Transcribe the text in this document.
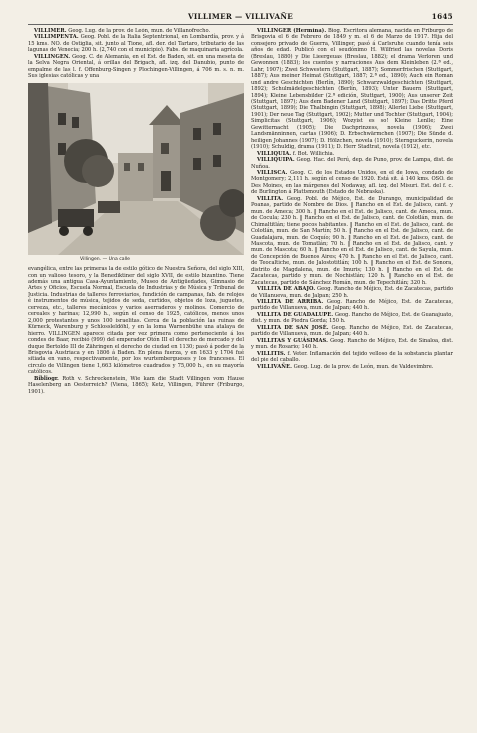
VILLIMER — VILLIVAÑE	1645

VILLIMER. Geog. Lug. de la prov. de León, mun. de Villanofrecho.

VILLIMPENTA. Geog. Pobl. de la Italia Septentrional, en Lombardía, prov. y á 15 kms. NO. de Ostiglia, sit. junto al Tione, afl. der. del Tartaro, tributario de las lagunas de Venecia; 200 h. (2,740 con el municipio). Fabs. de maquinaria agrícola.

VILLINGEN. Geog. C. de Alemania, en el Est. de Baden, sit. en una meseta de la Selva Negra Oriental, á orillas del Brigach, afl. izq. del Danubio, punto de empalme de las l. f. Offenburg-Singen y Plochingen-Villingen, á 706 m. s. n. m. Sus iglesias católicas y una

Villingen. — Una calle

evangélica, entre las primeras la de estilo gótico de Nuestra Señora, del siglo XIII, con un valioso tesoro, y la Benediktiner del siglo XVII, de estilo bizantino. Tiene además una antigua Casa-Ayuntamiento, Museo de Antigüedades, Gimnasio de Artes y Oficios, Escuela Normal, Escuela de Industrias y de Música y Tribunal de Justicia. Industrias de talleres ferroviarios, fundición de campanas, fab. de relojes é instrumentos de música, tejidos de seda, curtidos, objetos de loza, juguetes, cerveza, etc., talleres mecánicos y varios aserraderos y molinos. Comercio de cereales y harinas; 12,990 h., según el censo de 1925, católicos, menos unos 2,000 protestantes y unos 100 israelitas. Cerca de la población las ruinas de Kürneck, Warenburg y Schlossleldöhl, y en la loma Warnenbühe una atalaya de hierro. VILLINGEN aparece citada por vez primera como perteneciente á los condes de Baar, recibió (999) del emperador Otón III el derecho de mercado y del duque Bertoldo III de Zähringen el derecho de ciudad en 1130; pasó á poder de la Brisgovia Austriaca y en 1806 á Baden. En plena fuerza, y en 1633 y 1704 fué sitiada en vano, respectivamente, por los wurtembergueses y los franceses. El circulo de Villingen tiene 1,663 kilómetros cuadrados y 75,000 h., en su mayoría católicos.

Bibliogr. Roth v. Schreckenstein, Wie kam die Stadt Villingen vom Hause Haselenberg an Oesterreich? (Viena, 1865); Ketz, Villingen, Führer (Friburgo, 1901).

VILLINGER (Hermina). Biog. Escritora alemana, nacida en Friburgo de Brisgovia el 6 de Febrero de 1849 y m. el 6 de Marzo de 1917. Hija del consejero privado de Guerra, Villinger, pasó á Carlsruhe cuando tenía seis años de edad. Publicó con el seudónimo H. Wilfried las novelas Doris (Breslau, 1880) y Die Lieergeuas (Breslau, 1882); el drama Verloren und Gewonnen (1883); los cuentos y narraciones Aus dem Kleinleben (2.ª ed., Lahr, 1907); Zwei Schwestern (Stuttgart, 1887); Sommerfrischen (Stuttgart, 1887); Aus meiner Heimat (Stuttgart, 1887; 2.ª ed., 1890); Auch ein Roman und andre Geschichten (Berlín, 1890); Schwarzwaldgeschichten (Stuttgart, 1892); Schulmädelgeschichten (Berlín, 1893); Unter Bauern (Stuttgart, 1894); Kleine Lebensbilder (2.ª edición, Stuttgart, 1900); Aus unserer Zeit (Stuttgart, 1897); Aus dem Badener Land (Stuttgart, 1897); Das Dritte Pferd (Stuttgart, 1899); Die Thalbingin (Stuttgart, 1898); Allerlei Liebe (Stuttgart, 1901); Der neue Tag (Stuttgart, 1902); Mutter und Tochter (Stuttgart, 1904); Simplicitas (Stuttgart, 1906); Wozyist es so! Kleine Lenlle; Eine Gewitternacht (1905); Die Dachprinzess, novela (1906); Zwei Landsmänninnen, cartas (1906); D. Erbschwärmchen (1907); Die Sünde d. heiligen Johannes (1907); D. Hölzchen, novela (1910); Sternguckerin, novela (1910); Schuldig, drama (1911); D. Herr Stadtrat, novela (1912), etc.

VILLIQUIA. f. Bot. Willichia.

VILLIQUIPA. Geog. Hac. del Perú, dep. de Puno, prov. de Lampa, dist. de Nuñoa.

VILLISCA. Geog. C. de los Estados Unidos, en el de Iowa, condado de Montgomery; 2,111 h. según el censo de 1920. Está sit. á 140 kms. OSO. de Des Moines, en las márgenes del Nodaway, afl. izq. del Misuri. Est. del f. c. de Burlington á Plattsmouth (Estado de Nebraska).

VILLITA. Geog. Pobl. de Méjico, Est. de Durango, municipalidad de Poanas, partido de Nombre de Dios. ‖ Rancho en el Est. de Jalisco, cant. y mun. de Ameca; 300 h. ‖ Rancho en el Est. de Jalisco, cant. de Ameca, mun. de Cocula; 230 h. ‖ Rancho en el Est. de Jalisco, cant. de Colotlán, mun. de Chimaltitlán; tiene pocos habitantes. ‖ Rancho en el Est. de Jalisco, cant. de Colotlán, mun. de San Martín; 50 h. ‖ Rancho en el Est. de Jalisco, cant. de Guadalajara, mun. de Coquío; 90 h. ‖ Rancho en el Est. de Jalisco, cant. de Mascota, mun. de Tomatlán; 70 h. ‖ Rancho en el Est. de Jalisco, cant. y mun. de Mascota; 60 h. ‖ Rancho en el Est. de Jalisco, cant. de Sayula, mun. de Concepción de Buenos Aires; 470 h. ‖ Rancho en el Est. de Jalisco, cant. de Teocaltiche, mun. de Jalostotitlán; 100 h. ‖ Rancho en el Est. de Sonora, distrito de Magdalena, mun. de Imuris; 130 h. ‖ Rancho en el Est. de Zacatecas, partido y mun. de Nochistlán; 120 h. ‖ Rancho en el Est. de Zacatecas, partido de Sánchez Román, mun. de Tepechitlán; 320 h.

VILLITA DE ABAJO. Geog. Rancho de Méjico, Est. de Zacatecas, partido de Villanueva, mun. de Jalpan; 250 h.

VILLITA DE ARRIBA. Geog. Rancho de Méjico, Est. de Zacatecas, partido de Villanueva, mun. de Jalpan; 440 h.

VILLITA DE GUADALUPE. Geog. Rancho de Méjico, Est. de Guanajuato, dist. y mun. de Piedra Gorda; 150 h.

VILLITA DE SAN JOSÉ. Geog. Rancho de Méjico, Est. de Zacatecas, partido de Villanueva, mun. de Jalpan; 440 h.

VILLITAS Y GUÁSIMAS. Geog. Rancho de Méjico, Est. de Sinaloa, dist. y mun. de Rosario; 140 h.

VILLITIS. f. Veter. Inflamación del tejido velloso de la sobstancia plantar del pie del caballo.

VILLIVAÑE. Geog. Lug. de la prov. de León, mun. de Valdevimbre.
